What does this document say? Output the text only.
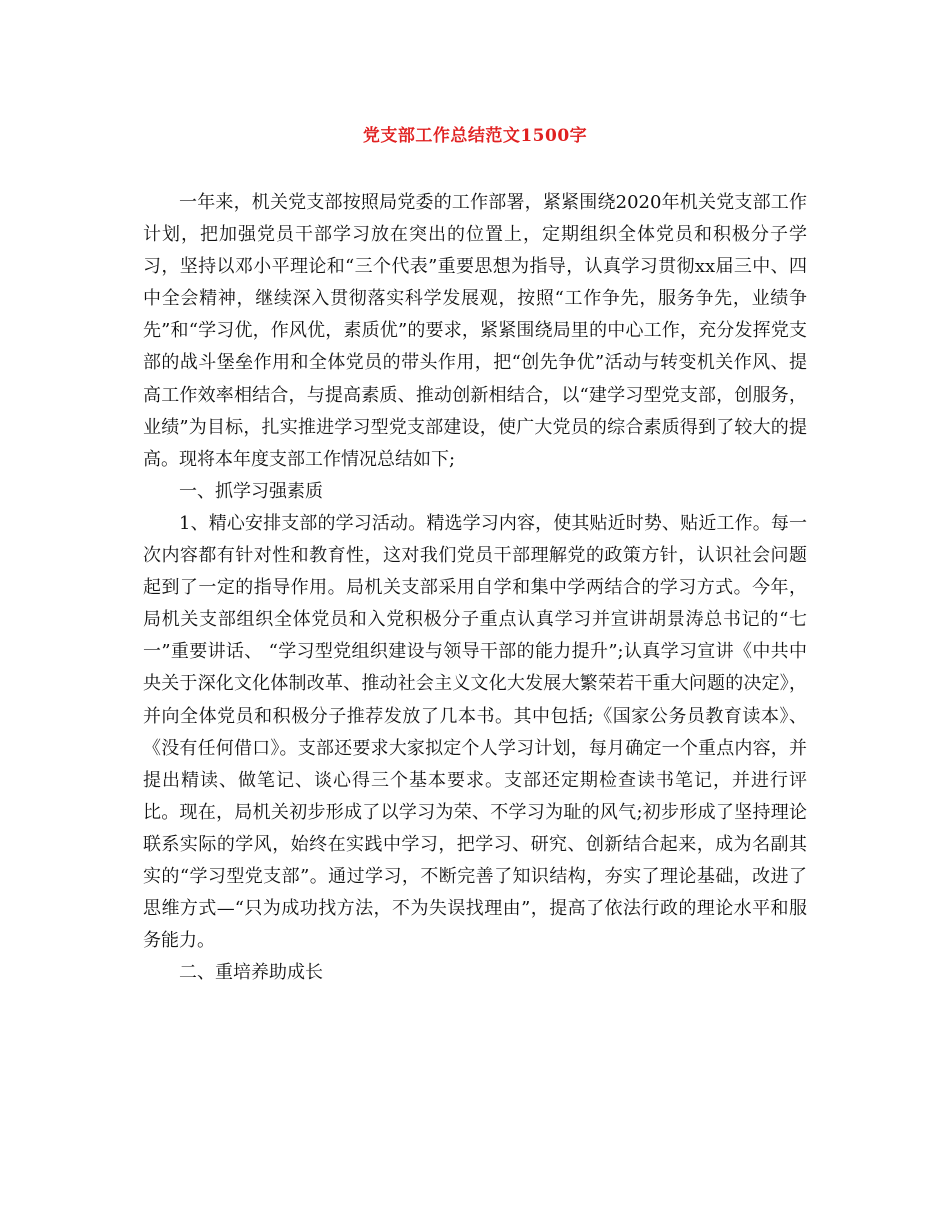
党支部工作总结范文1500字

一年来，机关党支部按照局党委的工作部署，紧紧围绕2020年机关党支部工作计划，把加强党员干部学习放在突出的位置上，定期组织全体党员和积极分子学习，坚持以邓小平理论和“三个代表”重要思想为指导，认真学习贯彻xx届三中、四中全会精神，继续深入贯彻落实科学发展观，按照“工作争先，服务争先，业绩争先”和“学习优，作风优，素质优”的要求，紧紧围绕局里的中心工作，充分发挥党支部的战斗堡垒作用和全体党员的带头作用，把“创先争优”活动与转变机关作风、提高工作效率相结合，与提高素质、推动创新相结合，以“建学习型党支部，创服务，业绩”为目标，扎实推进学习型党支部建设，使广大党员的综合素质得到了较大的提高。现将本年度支部工作情况总结如下;

一、抓学习强素质

1、精心安排支部的学习活动。精选学习内容，使其贴近时势、贴近工作。每一次内容都有针对性和教育性，这对我们党员干部理解党的政策方针，认识社会问题起到了一定的指导作用。局机关支部采用自学和集中学两结合的学习方式。今年，局机关支部组织全体党员和入党积极分子重点认真学习并宣讲胡景涛总书记的“七一”重要讲话、 “学习型党组织建设与领导干部的能力提升”;认真学习宣讲《中共中央关于深化文化体制改革、推动社会主义文化大发展大繁荣若干重大问题的决定》，并向全体党员和积极分子推荐发放了几本书。其中包括;《国家公务员教育读本》、《没有任何借口》。支部还要求大家拟定个人学习计划，每月确定一个重点内容，并提出精读、做笔记、谈心得三个基本要求。支部还定期检查读书笔记，并进行评比。现在，局机关初步形成了以学习为荣、不学习为耻的风气;初步形成了坚持理论联系实际的学风，始终在实践中学习，把学习、研究、创新结合起来，成为名副其实的“学习型党支部”。通过学习，不断完善了知识结构，夯实了理论基础，改进了思维方式—“只为成功找方法，不为失误找理由”，提高了依法行政的理论水平和服务能力。

二、重培养助成长
